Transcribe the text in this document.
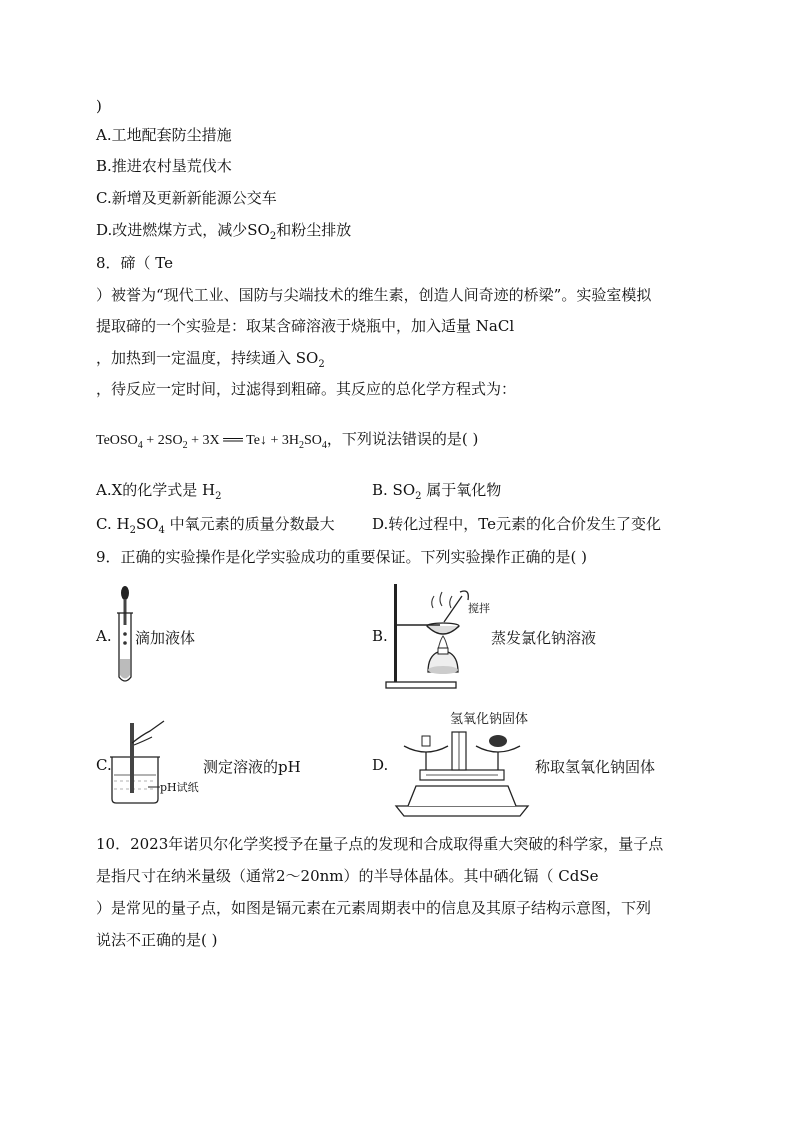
)
A.工地配套防尘措施
B.推进农村垦荒伐木
C.新增及更新新能源公交车
D.改进燃煤方式，减少$SO_2$和粉尘排放
8．碲（ Te
）被誉为“现代工业、国防与尖端技术的维生素，创造人间奇迹的桥梁”。实验室模拟
提取碲的一个实验是：取某含碲溶液于烧瓶中，加入适量 NaCl
，加热到一定温度，持续通入 $SO_2$
，待反应一定时间，过滤得到粗碲。其反应的总化学方程式为：
TeOSO$_4$ + $2SO_2 + 3X$ ══ Te↓ + $3H_2SO_4$，下列说法错误的是( )
A.X的化学式是 $H_2$	B. $SO_2$ 属于氧化物
C. $H_2SO_4$ 中氧元素的质量分数最大 D.转化过程中，Te元素的化合价发生了变化
9．正确的实验操作是化学实验成功的重要保证。下列实验操作正确的是( )
A. 滴加液体	B.
搅拌
蒸发氯化钠溶液
C.
pH试纸
测定溶液的pH	D.
氢氧化钠固体
称取氢氧化钠固体
10．2023年诺贝尔化学奖授予在量子点的发现和合成取得重大突破的科学家，量子点
是指尺寸在纳米量级（通常2～20nm）的半导体晶体。其中硒化镉（ CdSe
）是常见的量子点，如图是镉元素在元素周期表中的信息及其原子结构示意图，下列
说法不正确的是( )
